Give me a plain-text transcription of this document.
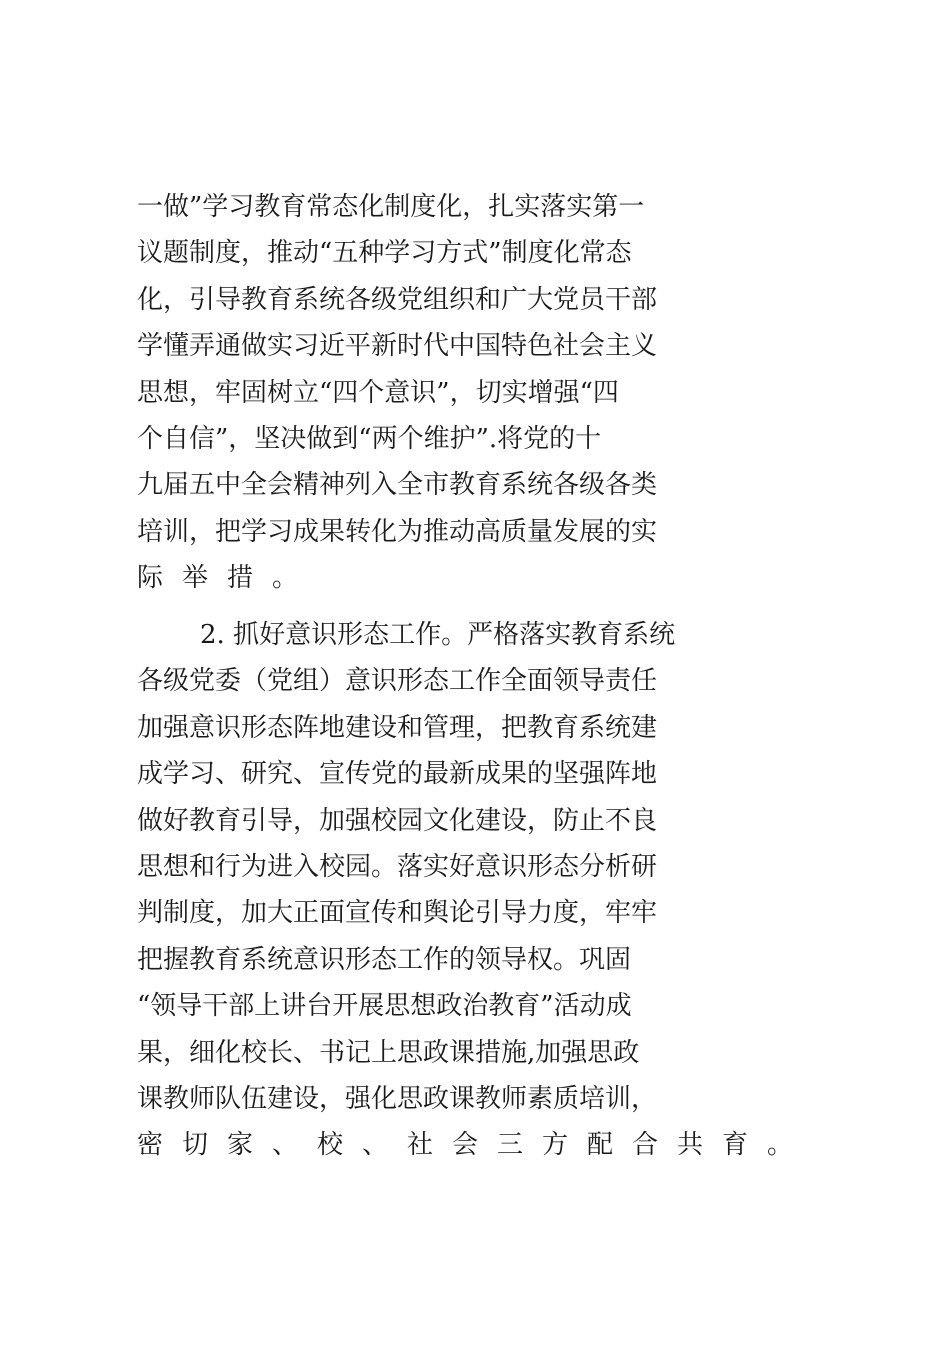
一做”学习教育常态化制度化，扎实落实第一
议题制度，推动“五种学习方式”制度化常态
化，引导教育系统各级党组织和广大党员干部
学懂弄通做实习近平新时代中国特色社会主义
思想，牢固树立“四个意识”，切实增强“四
个自信”，坚决做到“两个维护”.将党的十
九届五中全会精神列入全市教育系统各级各类
培训，把学习成果转化为推动高质量发展的实
际举措。
2. 抓好意识形态工作。严格落实教育系统
各级党委（党组）意识形态工作全面领导责任
加强意识形态阵地建设和管理，把教育系统建
成学习、研究、宣传党的最新成果的坚强阵地
做好教育引导，加强校园文化建设，防止不良
思想和行为进入校园。落实好意识形态分析研
判制度，加大正面宣传和舆论引导力度，牢牢
把握教育系统意识形态工作的领导权。巩固
“领导干部上讲台开展思想政治教育”活动成
果，细化校长、书记上思政课措施,加强思政
课教师队伍建设，强化思政课教师素质培训，
密切家、校、社会三方配合共育。
